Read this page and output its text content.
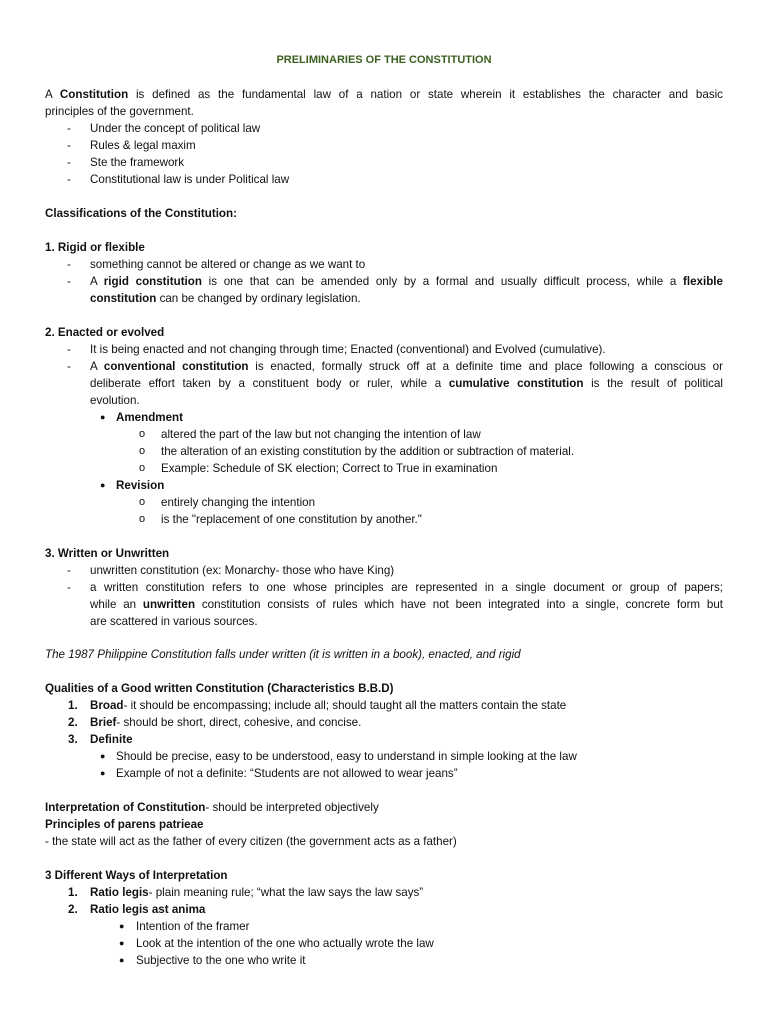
PRELIMINARIES OF THE CONSTITUTION
A Constitution is defined as the fundamental law of a nation or state wherein it establishes the character and basic
principles of the government.
- Under the concept of political law
- Rules & legal maxim
- Ste the framework
- Constitutional law is under Political law
Classifications of the Constitution:
1. Rigid or flexible
- something cannot be altered or change as we want to
- A rigid constitution is one that can be amended only by a formal and usually difficult process, while a flexible
constitution can be changed by ordinary legislation.
2. Enacted or evolved
- It is being enacted and not changing through time; Enacted (conventional) and Evolved (cumulative).
- A conventional constitution is enacted, formally struck off at a definite time and place following a conscious or
deliberate effort taken by a constituent body or ruler, while a cumulative constitution is the result of political
evolution.
● Amendment
o altered the part of the law but not changing the intention of law
o the alteration of an existing constitution by the addition or subtraction of material.
o Example: Schedule of SK election; Correct to True in examination
● Revision
o entirely changing the intention
o is the "replacement of one constitution by another."
3. Written or Unwritten
- unwritten constitution (ex: Monarchy- those who have King)
- a written constitution refers to one whose principles are represented in a single document or group of papers;
while an unwritten constitution consists of rules which have not been integrated into a single, concrete form but
are scattered in various sources.
The 1987 Philippine Constitution falls under written (it is written in a book), enacted, and rigid
Qualities of a Good written Constitution (Characteristics B.B.D)
1. Broad- it should be encompassing; include all; should taught all the matters contain the state
2. Brief- should be short, direct, cohesive, and concise.
3. Definite
● Should be precise, easy to be understood, easy to understand in simple looking at the law
● Example of not a definite: “Students are not allowed to wear jeans”
Interpretation of Constitution- should be interpreted objectively
Principles of parens patrieae
- the state will act as the father of every citizen (the government acts as a father)
3 Different Ways of Interpretation
1. Ratio legis- plain meaning rule; “what the law says the law says”
2. Ratio legis ast anima
● Intention of the framer
● Look at the intention of the one who actually wrote the law
● Subjective to the one who write it
